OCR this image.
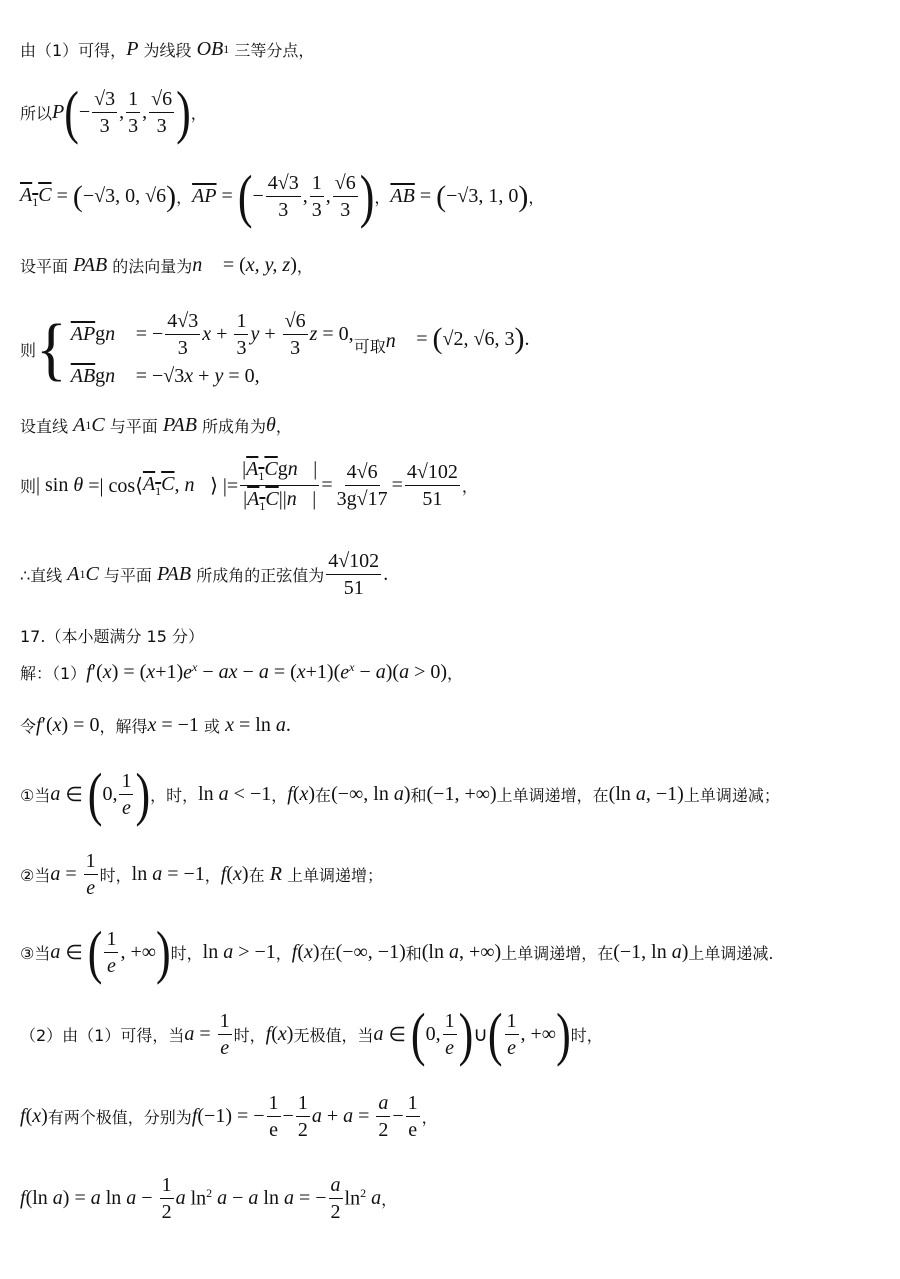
由（1）可得， P 为线段 OB 1 三等分点，
所以 P ( − $\frac{√3}{3}$ , $\frac{1}{3}$ , $\frac{√6}{3}$ ) ，
$A_1C$ = ( −√3, 0, √6 ) ， $\overline{AP}$ = ( − $\frac{4√3}{3}$ , $\frac{1}{3}$ , $\frac{√6}{3}$ ) ， $\overline{AB}$ = ( −√3, 1, 0 ) ，
设平面 PAB 的法向量为 n⃗ = ( x, y, z ) ，
则 { $\overline{AP}$ g n⃗ = − $\frac{4√3}{3}$ $x + \frac{1}{3}$ $y + \frac{√6}{3}$ z = 0,
$\overline{AB}$ g n⃗ = −√3 x + y = 0,
可取 n⃗ = ( √2, √6, 3 ) .
设直线 A 1 C 与平面 PAB 所成角为 θ ，
则 | sin θ =| cos⟨ $A_1C$ , n⃗ ⟩ |= $\frac{|A_1Cgn⃗|}{|A_1C||n⃗|} = \frac{4√6}{3g√17} = \frac{4√102}{51}$ ，
∴直线 A 1 C 与平面 PAB 所成角的正弦值为 $\frac{4√102}{51}$ .
17.（本小题满分 15 分）
解：（1） f ′( x ) = ( x +1) $e^x$ − ax − a = ( x +1)( $e^x - a$ )( a > 0) ，
令 f ′( x ) = 0 ，解得 x = −1 或 x = ln a .
①当 a ∈ ( 0, $\frac{1}{e}$ ) ，时， ln a < −1 ， f ( x ) 在 (−∞, ln a ) 和 (−1, +∞) 上单调递增，在 (ln a , −1) 上单调递减；
②当 $a = \frac{1}{e}$ 时， ln a = −1 ， f ( x ) 在 R 上单调递增；
③当 a ∈ ( $\frac{1}{e}$ , +∞ ) 时， ln a > −1 ， f ( x ) 在 (−∞, −1) 和 (ln a , +∞) 上单调递增，在 (−1, ln a ) 上单调递减.
（2）由（1）可得，当 $a = \frac{1}{e}$ 时， f ( x ) 无极值，当 a ∈ ( 0, $\frac{1}{e}$ ) ∪ ( $\frac{1}{e}$ , +∞ ) 时，
f ( x ) 有两个极值，分别为 f (−1) = − $\frac{1}{e} - \frac{1}{2}$ $a + a = \frac{a}{2} - \frac{1}{e}$ ，
f (ln a ) = a $\ln a - \frac{1}{2}$ a $\ln^2 a - a$ ln a = − $\frac{a}{2} \ln^2 a$ ，
